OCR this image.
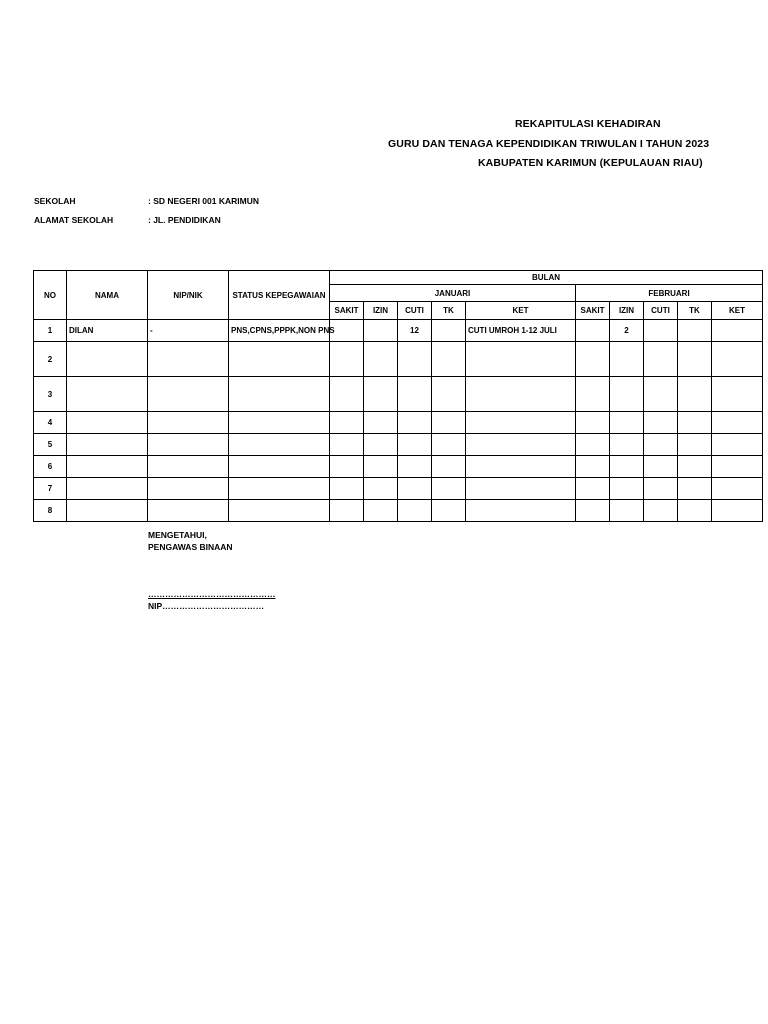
REKAPITULASI KEHADIRAN
GURU DAN TENAGA KEPENDIDIKAN TRIWULAN I TAHUN 2023
KABUPATEN KARIMUN (KEPULAUAN RIAU)
SEKOLAH	: SD NEGERI 001 KARIMUN
ALAMAT SEKOLAH	: JL. PENDIDIKAN
NO	NAMA	NIP/NIK	STATUS KEPEGAWAIAN	BULAN									
				JANUARI					FEBRUARI				
				SAKIT	IZIN	CUTI	TK	KET	SAKIT	IZIN	CUTI	TK	KET
1	DILAN	-	PNS,CPNS,PPPK,NON PNS			12		CUTI UMROH 1-12 JULI		2			
2													
3													
4													
5													
6													
7													
8													
MENGETAHUI,
PENGAWAS BINAAN
………………………………………
NIP………………………………
